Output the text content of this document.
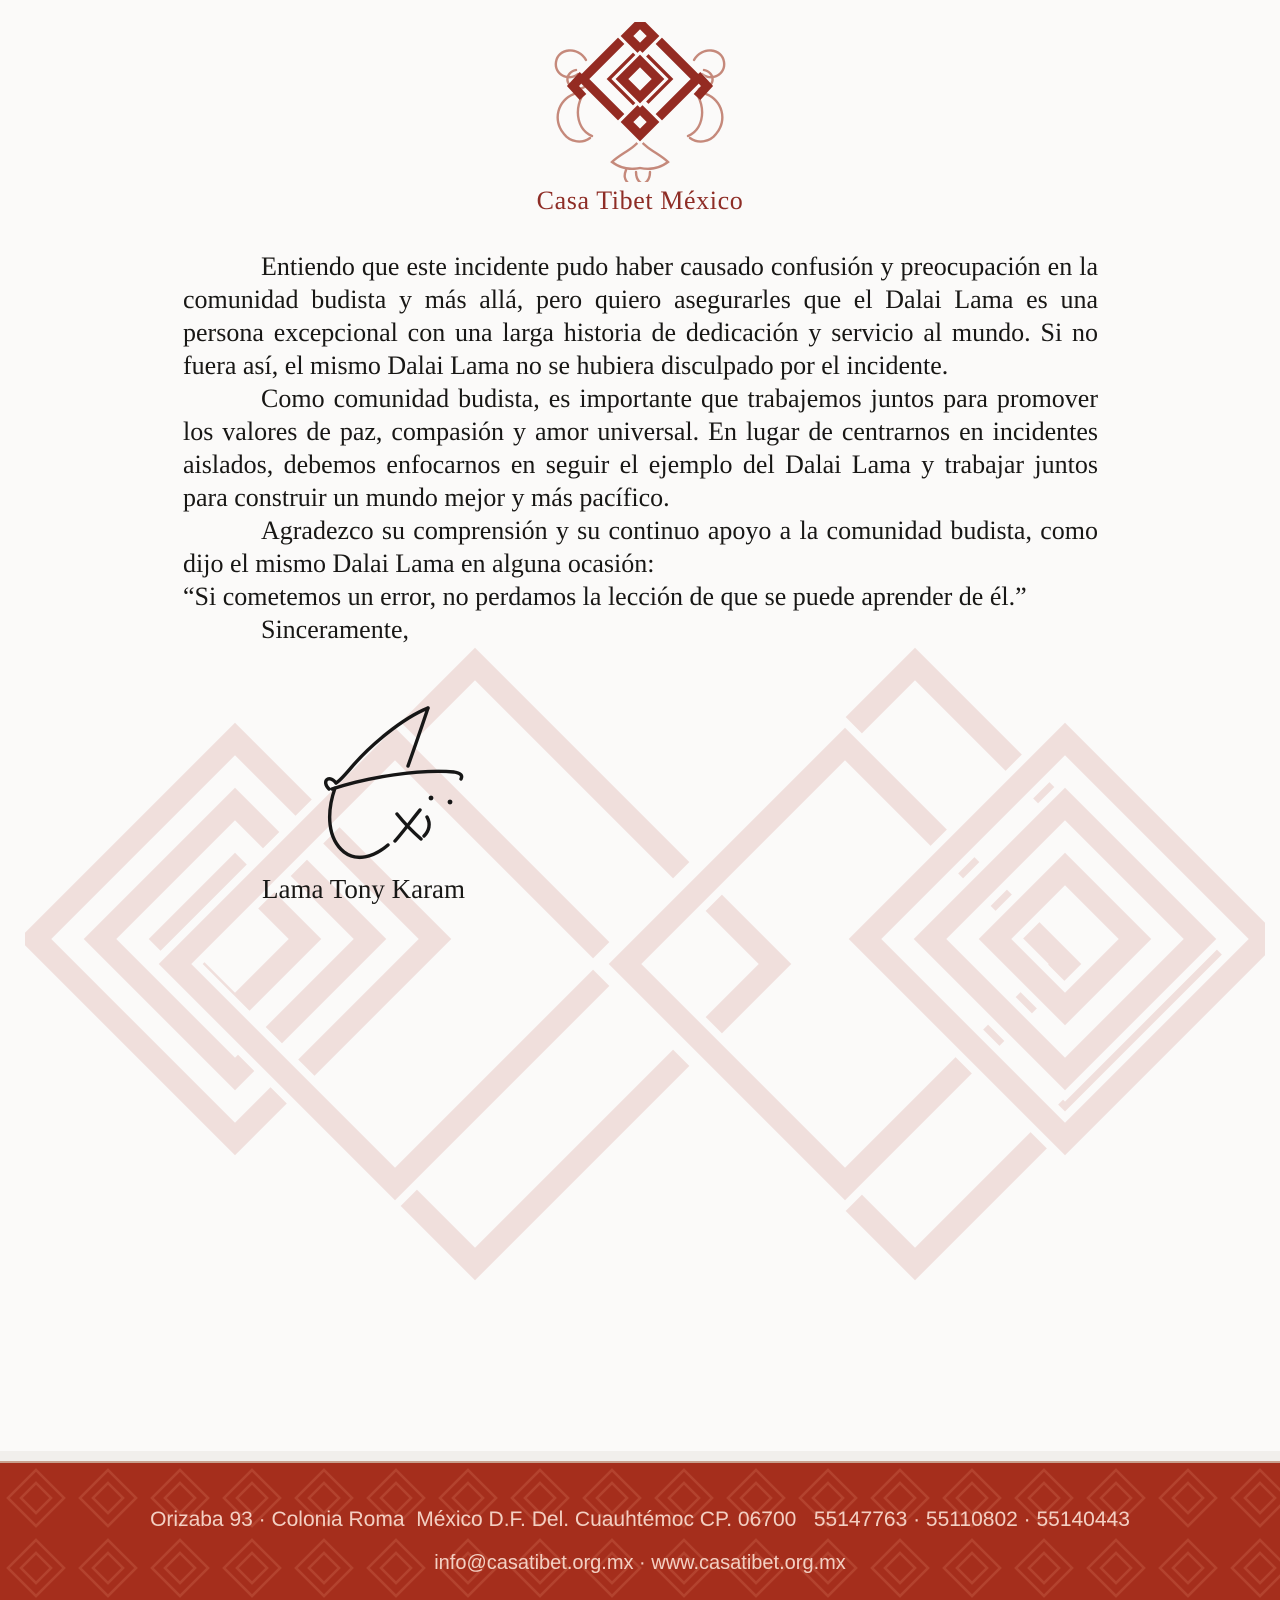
Casa Tibet México

Entiendo que este incidente pudo haber causado confusión y preocupación en la comunidad budista y más allá, pero quiero asegurarles que el Dalai Lama es una persona excepcional con una larga historia de dedicación y servicio al mundo. Si no fuera así, el mismo Dalai Lama no se hubiera disculpado por el incidente.

Como comunidad budista, es importante que trabajemos juntos para promover los valores de paz, compasión y amor universal. En lugar de centrarnos en incidentes aislados, debemos enfocarnos en seguir el ejemplo del Dalai Lama y trabajar juntos para construir un mundo mejor y más pacífico.

Agradezco su comprensión y su continuo apoyo a la comunidad budista, como dijo el mismo Dalai Lama en alguna ocasión:

“Si cometemos un error, no perdamos la lección de que se puede aprender de él.”

Sinceramente,

Lama Tony Karam
Orizaba 93 · Colonia Roma  México D.F. Del. Cuauhtémoc CP. 06700   55147763 · 55110802 · 55140443
info@casatibet.org.mx · www.casatibet.org.mx
